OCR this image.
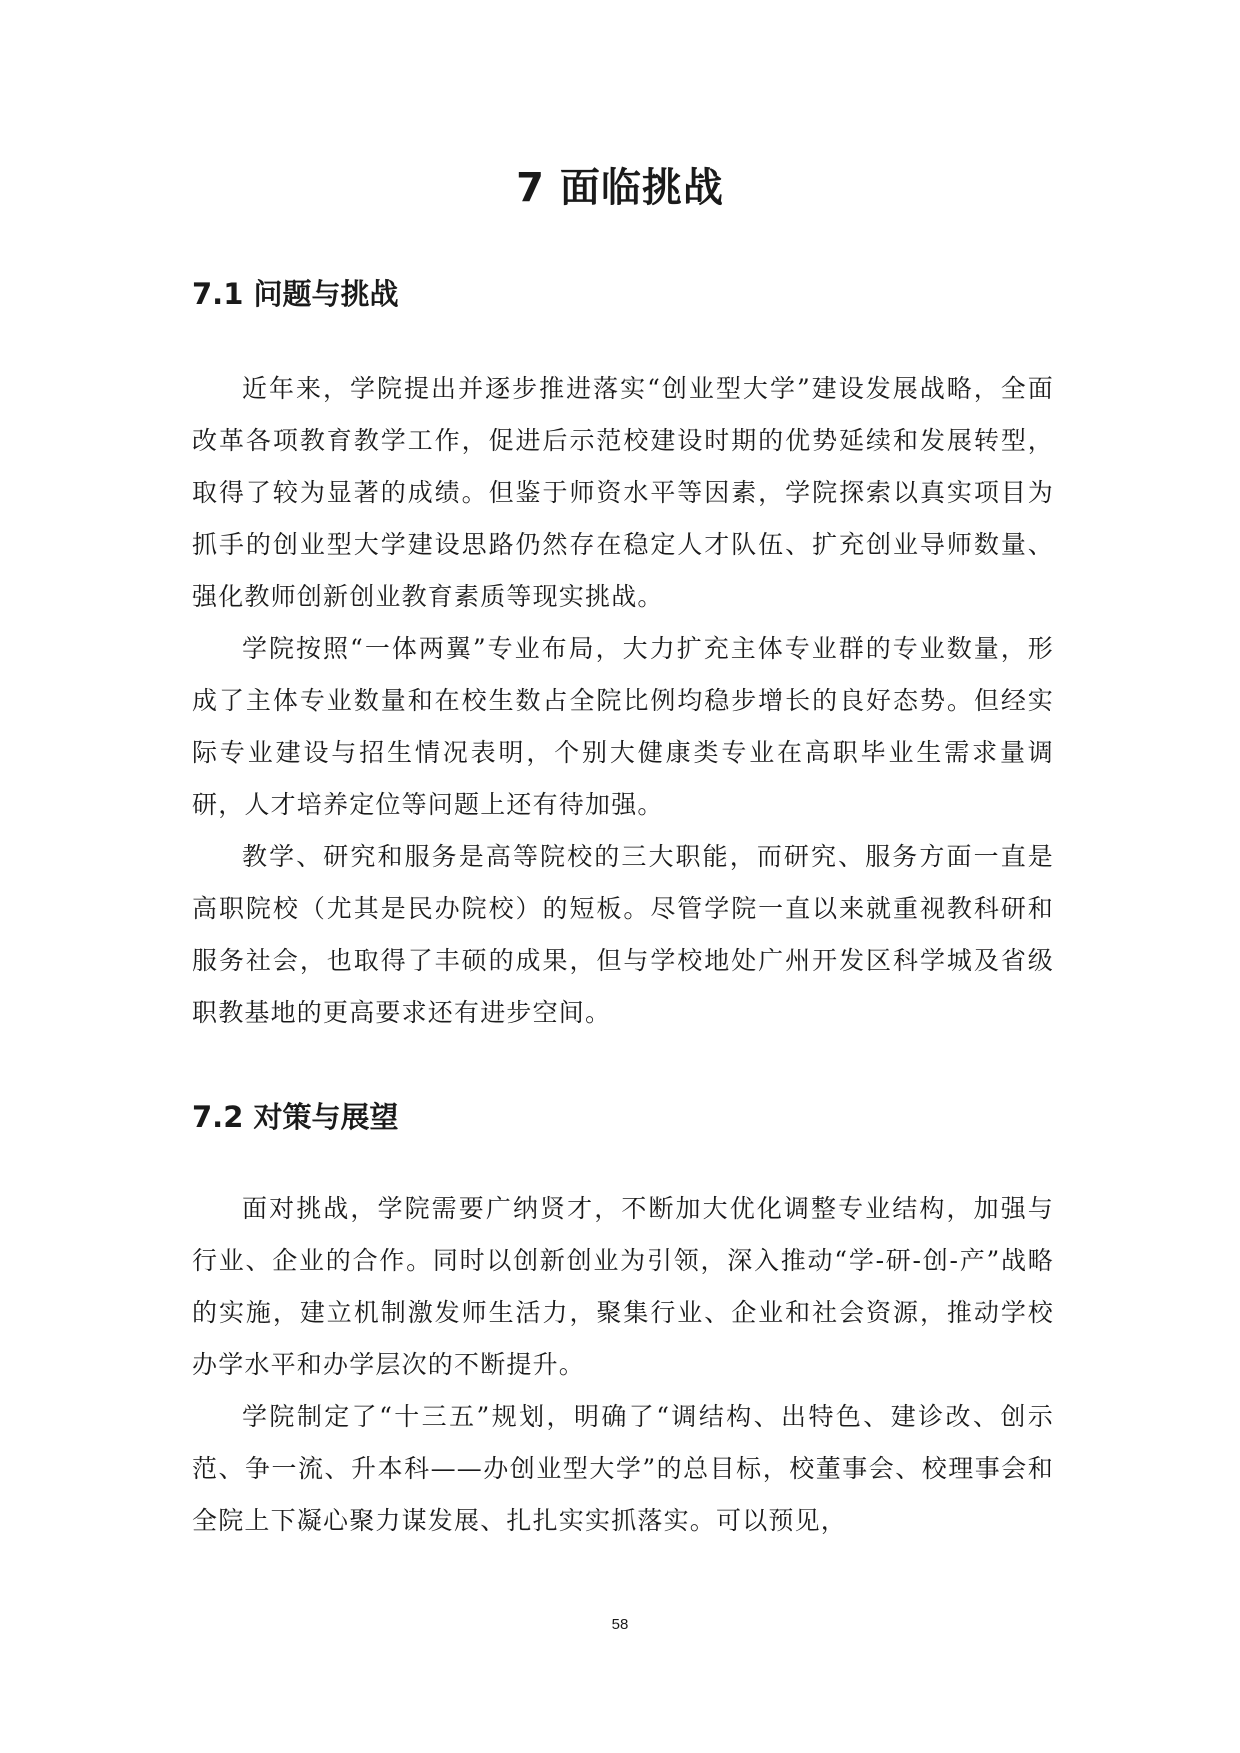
7 面临挑战
7.1 问题与挑战

近年来，学院提出并逐步推进落实“创业型大学”建设发展战略，全面改革各项教育教学工作，促进后示范校建设时期的优势延续和发展转型，取得了较为显著的成绩。但鉴于师资水平等因素，学院探索以真实项目为抓手的创业型大学建设思路仍然存在稳定人才队伍、扩充创业导师数量、强化教师创新创业教育素质等现实挑战。

学院按照“一体两翼”专业布局，大力扩充主体专业群的专业数量，形成了主体专业数量和在校生数占全院比例均稳步增长的良好态势。但经实际专业建设与招生情况表明，个别大健康类专业在高职毕业生需求量调研，人才培养定位等问题上还有待加强。

教学、研究和服务是高等院校的三大职能，而研究、服务方面一直是高职院校（尤其是民办院校）的短板。尽管学院一直以来就重视教科研和服务社会，也取得了丰硕的成果，但与学校地处广州开发区科学城及省级职教基地的更高要求还有进步空间。

7.2 对策与展望

面对挑战，学院需要广纳贤才，不断加大优化调整专业结构，加强与行业、企业的合作。同时以创新创业为引领，深入推动“学-研-创-产”战略的实施，建立机制激发师生活力，聚集行业、企业和社会资源，推动学校办学水平和办学层次的不断提升。

学院制定了“十三五”规划，明确了“调结构、出特色、建诊改、创示范、争一流、升本科——办创业型大学”的总目标，校董事会、校理事会和全院上下凝心聚力谋发展、扎扎实实抓落实。可以预见，

58
